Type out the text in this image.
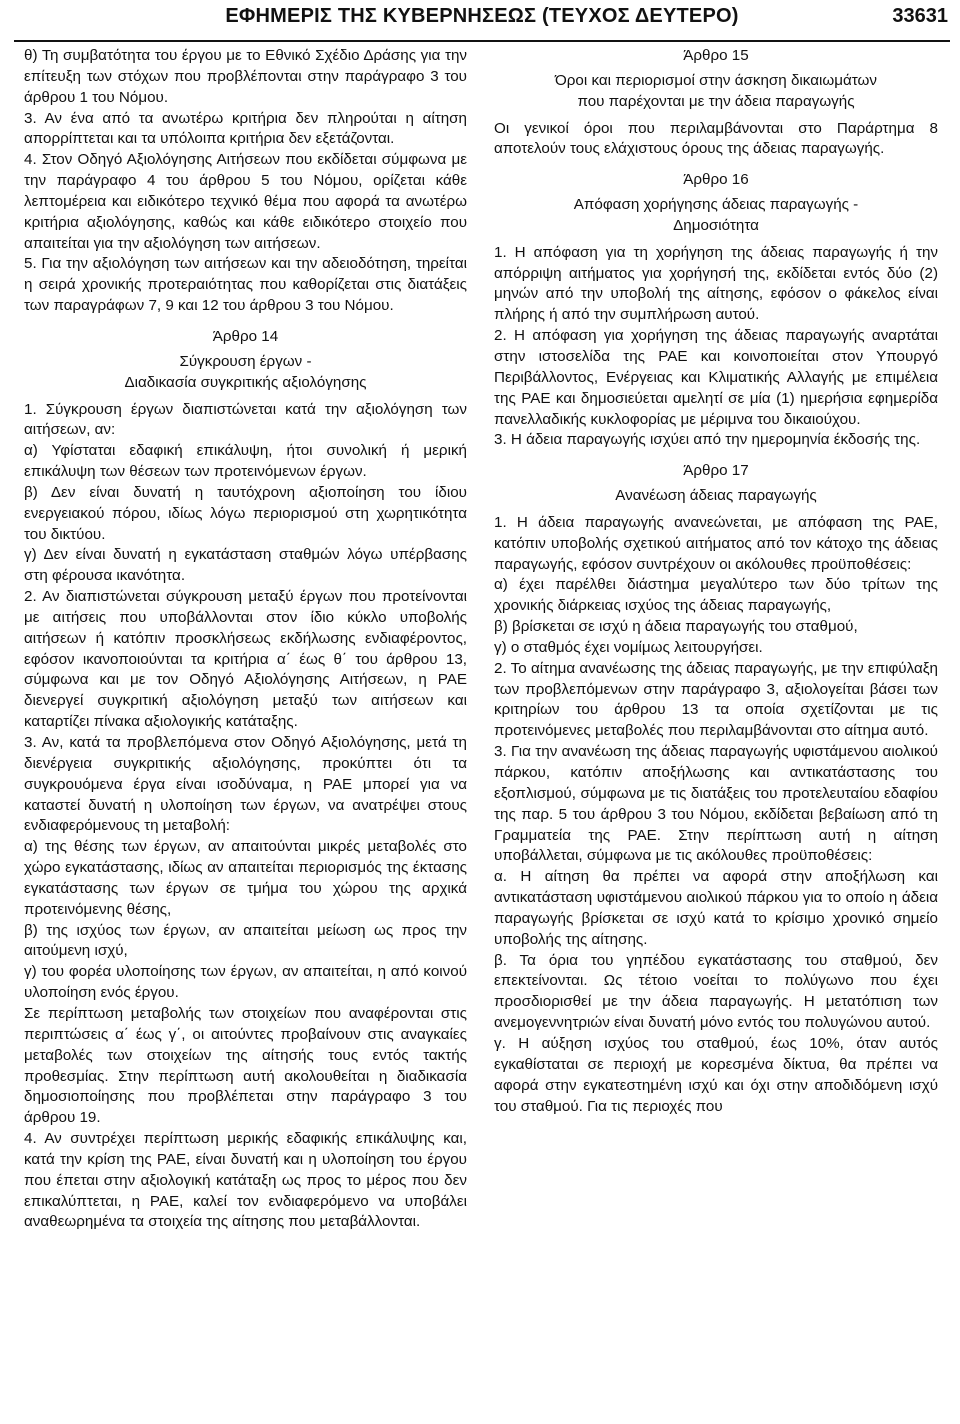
ΕΦΗΜΕΡΙΣ ΤΗΣ ΚΥΒΕΡΝΗΣΕΩΣ (ΤΕΥΧΟΣ ΔΕΥΤΕΡΟ)	33631

θ) Τη συμβατότητα του έργου με το Εθνικό Σχέδιο Δράσης για την επίτευξη των στόχων που προβλέπονται στην παράγραφο 3 του άρθρου 1 του Νόμου.

3. Αν ένα από τα ανωτέρω κριτήρια δεν πληρούται η αίτηση απορρίπτεται και τα υπόλοιπα κριτήρια δεν εξετάζονται.

4. Στον Οδηγό Αξιολόγησης Αιτήσεων που εκδίδεται σύμφωνα με την παράγραφο 4 του άρθρου 5 του Νόμου, ορίζεται κάθε λεπτομέρεια και ειδικότερο τεχνικό θέμα που αφορά τα ανωτέρω κριτήρια αξιολόγησης, καθώς και κάθε ειδικότερο στοιχείο που απαιτείται για την αξιολόγηση των αιτήσεων.

5. Για την αξιολόγηση των αιτήσεων και την αδειοδότηση, τηρείται η σειρά χρονικής προτεραιότητας που καθορίζεται στις διατάξεις των παραγράφων 7, 9 και 12 του άρθρου 3 του Νόμου.

Άρθρο 14

Σύγκρουση έργων -

Διαδικασία συγκριτικής αξιολόγησης

1. Σύγκρουση έργων διαπιστώνεται κατά την αξιολόγηση των αιτήσεων, αν:

α) Υφίσταται εδαφική επικάλυψη, ήτοι συνολική ή μερική επικάλυψη των θέσεων των προτεινόμενων έργων.

β) Δεν είναι δυνατή η ταυτόχρονη αξιοποίηση του ίδιου ενεργειακού πόρου, ιδίως λόγω περιορισμού στη χωρητικότητα του δικτύου.

γ) Δεν είναι δυνατή η εγκατάσταση σταθμών λόγω υπέρβασης στη φέρουσα ικανότητα.

2. Αν διαπιστώνεται σύγκρουση μεταξύ έργων που προτείνονται με αιτήσεις που υποβάλλονται στον ίδιο κύκλο υποβολής αιτήσεων ή κατόπιν προσκλήσεως εκδήλωσης ενδιαφέροντος, εφόσον ικανοποιούνται τα κριτήρια α΄ έως θ΄ του άρθρου 13, σύμφωνα και με τον Οδηγό Αξιολόγησης Αιτήσεων, η ΡΑΕ διενεργεί συγκριτική αξιολόγηση μεταξύ των αιτήσεων και καταρτίζει πίνακα αξιολογικής κατάταξης.

3. Αν, κατά τα προβλεπόμενα στον Οδηγό Αξιολόγησης, μετά τη διενέργεια συγκριτικής αξιολόγησης, προκύπτει ότι τα συγκρουόμενα έργα είναι ισοδύναμα, η ΡΑΕ μπορεί για να καταστεί δυνατή η υλοποίηση των έργων, να ανατρέψει στους ενδιαφερόμενους τη μεταβολή:

α) της θέσης των έργων, αν απαιτούνται μικρές μεταβολές στο χώρο εγκατάστασης, ιδίως αν απαιτείται περιορισμός της έκτασης εγκατάστασης των έργων σε τμήμα του χώρου της αρχικά προτεινόμενης θέσης,

β) της ισχύος των έργων, αν απαιτείται μείωση ως προς την αιτούμενη ισχύ,

γ) του φορέα υλοποίησης των έργων, αν απαιτείται, η από κοινού υλοποίηση ενός έργου.

Σε περίπτωση μεταβολής των στοιχείων που αναφέρονται στις περιπτώσεις α΄ έως γ΄, οι αιτούντες προβαίνουν στις αναγκαίες μεταβολές των στοιχείων της αίτησής τους εντός τακτής προθεσμίας. Στην περίπτωση αυτή ακολουθείται η διαδικασία δημοσιοποίησης που προβλέπεται στην παράγραφο 3 του άρθρου 19.

4. Αν συντρέχει περίπτωση μερικής εδαφικής επικάλυψης και, κατά την κρίση της ΡΑΕ, είναι δυνατή και η υλοποίηση του έργου που έπεται στην αξιολογική κατάταξη ως προς το μέρος που δεν επικαλύπτεται, η ΡΑΕ, καλεί τον ενδιαφερόμενο να υποβάλει αναθεωρημένα τα στοιχεία της αίτησης που μεταβάλλονται.

Άρθρο 15

Όροι και περιορισμοί στην άσκηση δικαιωμάτων

που παρέχονται με την άδεια παραγωγής

Οι γενικοί όροι που περιλαμβάνονται στο Παράρτημα 8 αποτελούν τους ελάχιστους όρους της άδειας παραγωγής.

Άρθρο 16

Απόφαση χορήγησης άδειας παραγωγής -

Δημοσιότητα

1. Η απόφαση για τη χορήγηση της άδειας παραγωγής ή την απόρριψη αιτήματος για χορήγησή της, εκδίδεται εντός δύο (2) μηνών από την υποβολή της αίτησης, εφόσον ο φάκελος είναι πλήρης ή από την συμπλήρωση αυτού.

2. Η απόφαση για χορήγηση της άδειας παραγωγής αναρτάται στην ιστοσελίδα της ΡΑΕ και κοινοποιείται στον Υπουργό Περιβάλλοντος, Ενέργειας και Κλιματικής Αλλαγής με επιμέλεια της ΡΑΕ και δημοσιεύεται αμελητί σε μία (1) ημερήσια εφημερίδα πανελλαδικής κυκλοφορίας με μέριμνα του δικαιούχου.

3. Η άδεια παραγωγής ισχύει από την ημερομηνία έκδοσής της.

Άρθρο 17

Ανανέωση άδειας παραγωγής

1. Η άδεια παραγωγής ανανεώνεται, με απόφαση της ΡΑΕ, κατόπιν υποβολής σχετικού αιτήματος από τον κάτοχο της άδειας παραγωγής, εφόσον συντρέχουν οι ακόλουθες προϋποθέσεις:

α) έχει παρέλθει διάστημα μεγαλύτερο των δύο τρίτων της χρονικής διάρκειας ισχύος της άδειας παραγωγής,

β) βρίσκεται σε ισχύ η άδεια παραγωγής του σταθμού,

γ) ο σταθμός έχει νομίμως λειτουργήσει.

2. Το αίτημα ανανέωσης της άδειας παραγωγής, με την επιφύλαξη των προβλεπόμενων στην παράγραφο 3, αξιολογείται βάσει των κριτηρίων του άρθρου 13 τα οποία σχετίζονται με τις προτεινόμενες μεταβολές που περιλαμβάνονται στο αίτημα αυτό.

3. Για την ανανέωση της άδειας παραγωγής υφιστάμενου αιολικού πάρκου, κατόπιν αποξήλωσης και αντικατάστασης του εξοπλισμού, σύμφωνα με τις διατάξεις του προτελευταίου εδαφίου της παρ. 5 του άρθρου 3 του Νόμου, εκδίδεται βεβαίωση από τη Γραμματεία της ΡΑΕ. Στην περίπτωση αυτή η αίτηση υποβάλλεται, σύμφωνα με τις ακόλουθες προϋποθέσεις:

α. Η αίτηση θα πρέπει να αφορά στην αποξήλωση και αντικατάσταση υφιστάμενου αιολικού πάρκου για το οποίο η άδεια παραγωγής βρίσκεται σε ισχύ κατά το κρίσιμο χρονικό σημείο υποβολής της αίτησης.

β. Τα όρια του γηπέδου εγκατάστασης του σταθμού, δεν επεκτείνονται. Ως τέτοιο νοείται το πολύγωνο που έχει προσδιορισθεί με την άδεια παραγωγής. Η μετατόπιση των ανεμογεννητριών είναι δυνατή μόνο εντός του πολυγώνου αυτού.

γ. Η αύξηση ισχύος του σταθμού, έως 10%, όταν αυτός εγκαθίσταται σε περιοχή με κορεσμένα δίκτυα, θα πρέπει να αφορά στην εγκατεστημένη ισχύ και όχι στην αποδιδόμενη ισχύ του σταθμού. Για τις περιοχές που
